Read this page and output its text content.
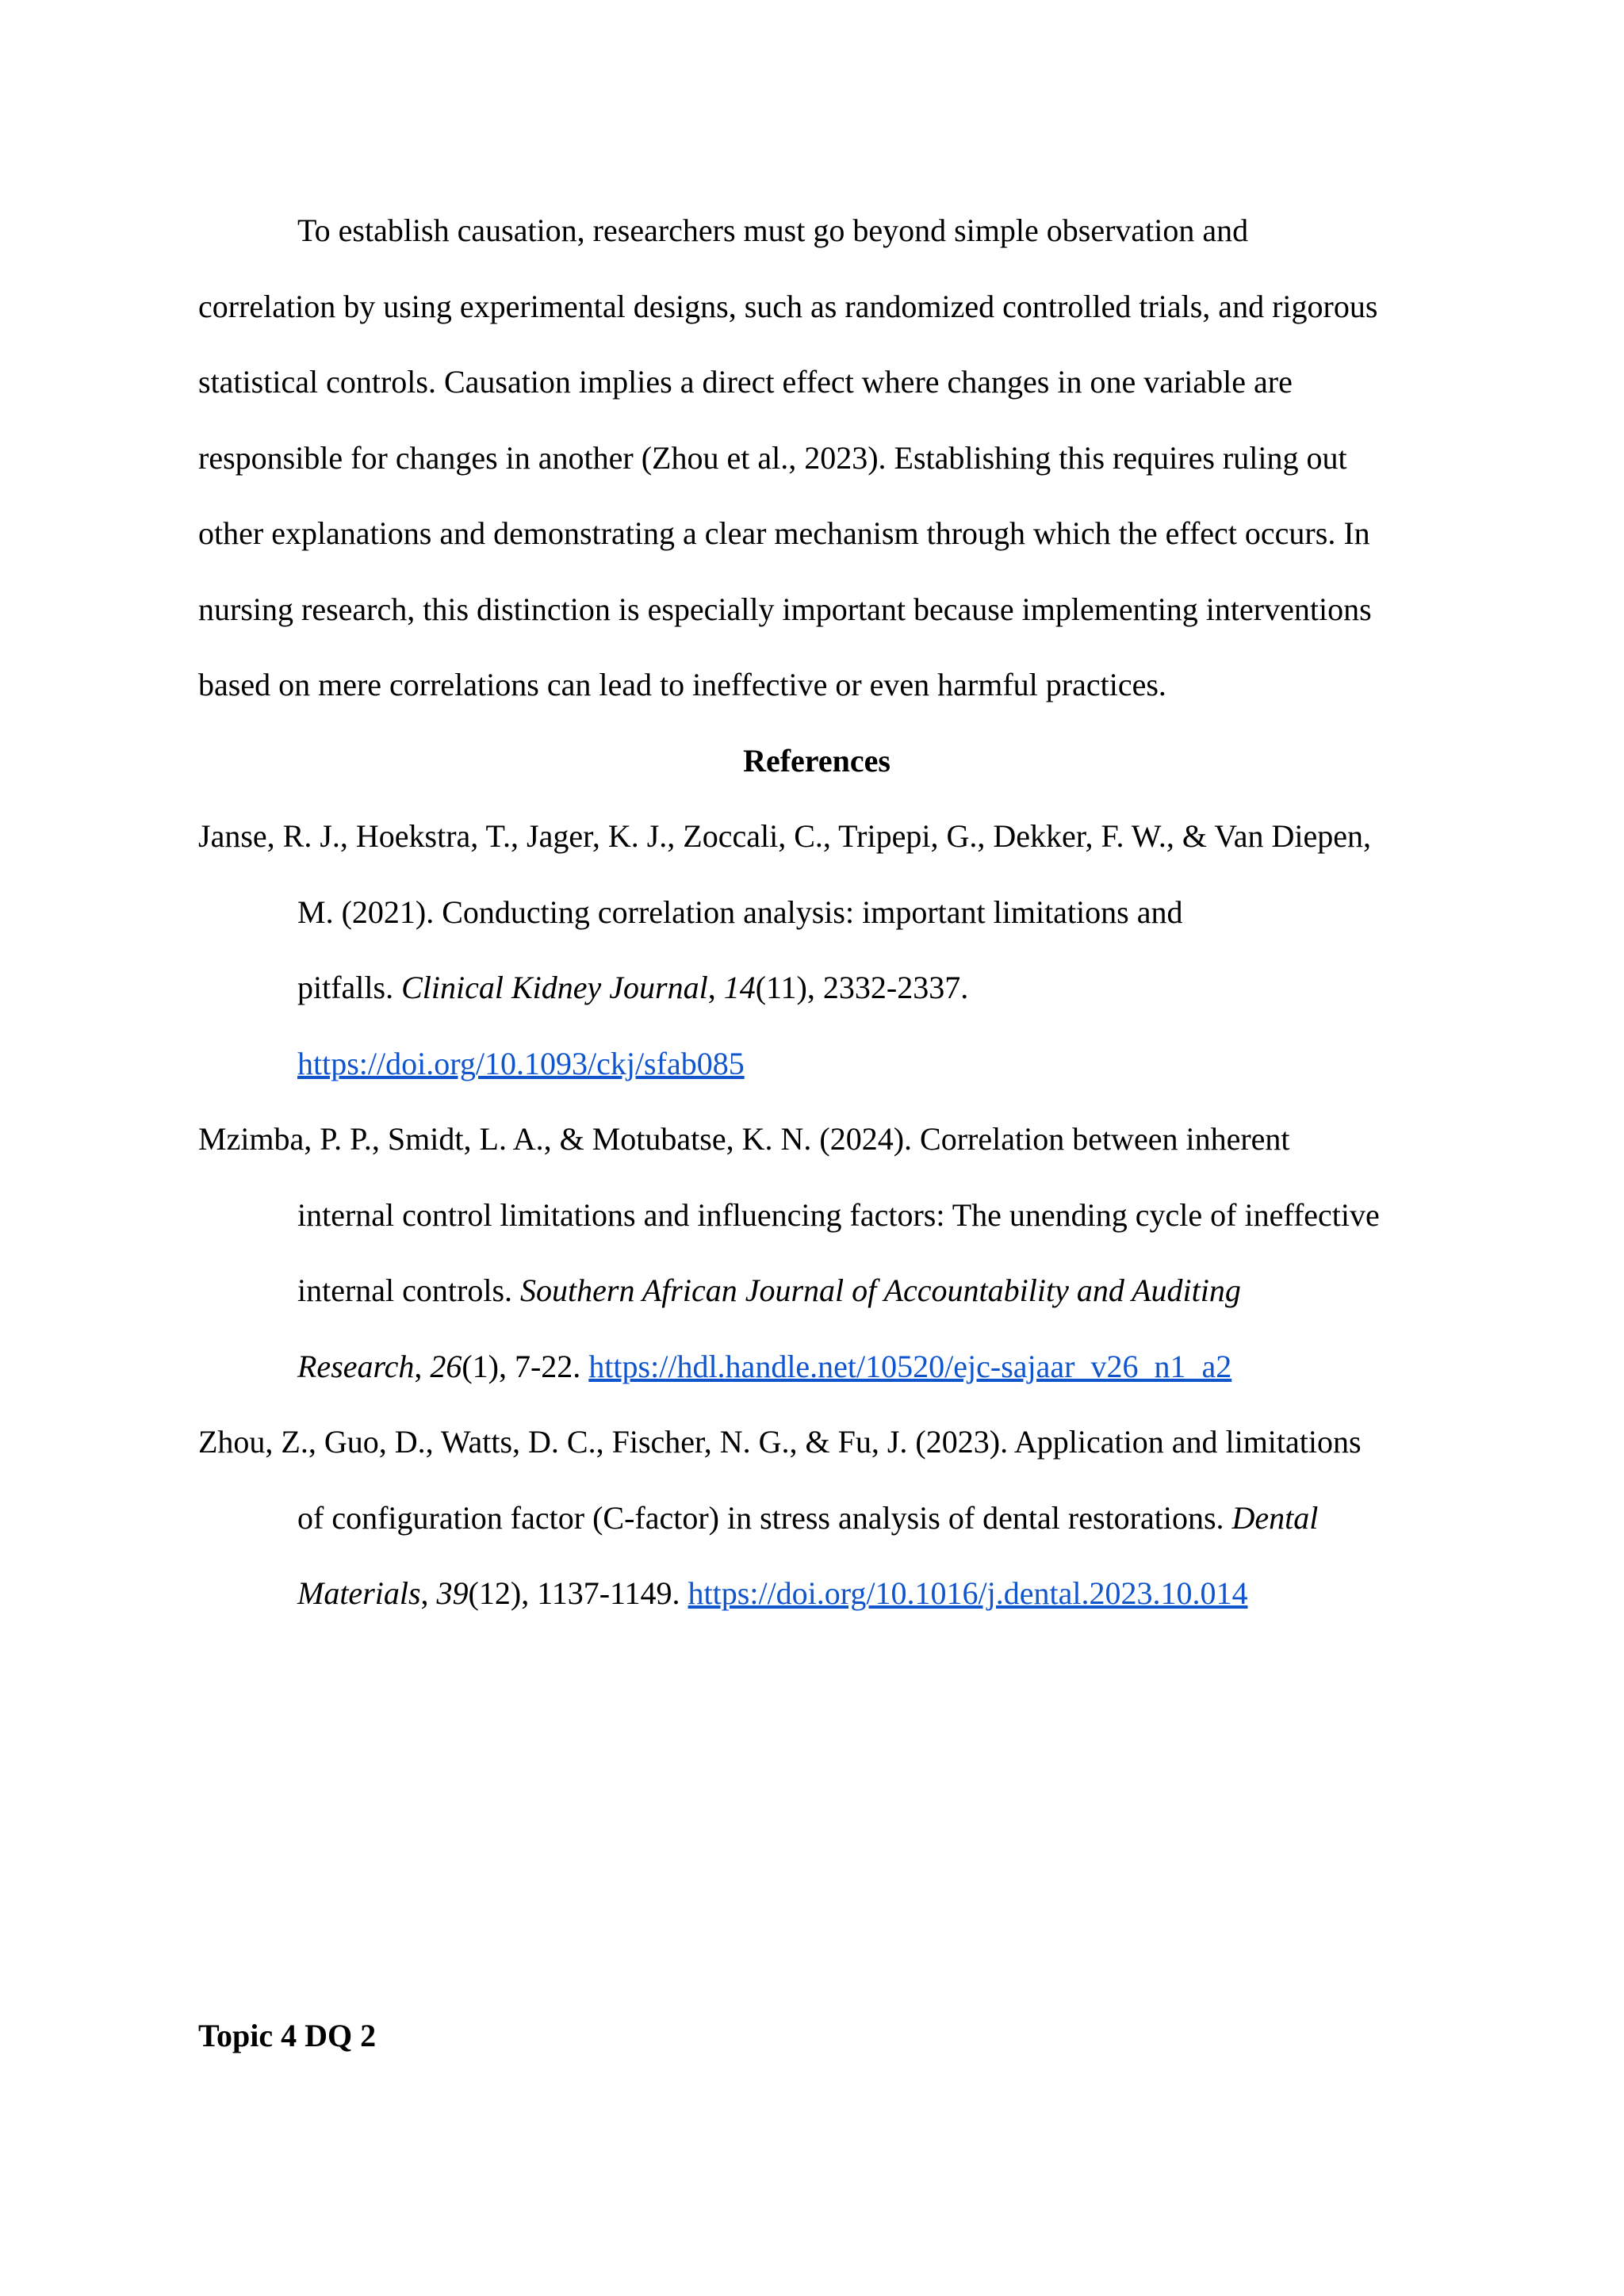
To establish causation, researchers must go beyond simple observation and
correlation by using experimental designs, such as randomized controlled trials, and rigorous
statistical controls. Causation implies a direct effect where changes in one variable are
responsible for changes in another (Zhou et al., 2023). Establishing this requires ruling out
other explanations and demonstrating a clear mechanism through which the effect occurs. In
nursing research, this distinction is especially important because implementing interventions
based on mere correlations can lead to ineffective or even harmful practices.
References
Janse, R. J., Hoekstra, T., Jager, K. J., Zoccali, C., Tripepi, G., Dekker, F. W., & Van Diepen,
M. (2021). Conducting correlation analysis: important limitations and
pitfalls. Clinical Kidney Journal, 14(11), 2332-2337.
https://doi.org/10.1093/ckj/sfab085
Mzimba, P. P., Smidt, L. A., & Motubatse, K. N. (2024). Correlation between inherent
internal control limitations and influencing factors: The unending cycle of ineffective
internal controls. Southern African Journal of Accountability and Auditing
Research, 26(1), 7-22. https://hdl.handle.net/10520/ejc-sajaar_v26_n1_a2
Zhou, Z., Guo, D., Watts, D. C., Fischer, N. G., & Fu, J. (2023). Application and limitations
of configuration factor (C-factor) in stress analysis of dental restorations. Dental
Materials, 39(12), 1137-1149. https://doi.org/10.1016/j.dental.2023.10.014
Topic 4 DQ 2
